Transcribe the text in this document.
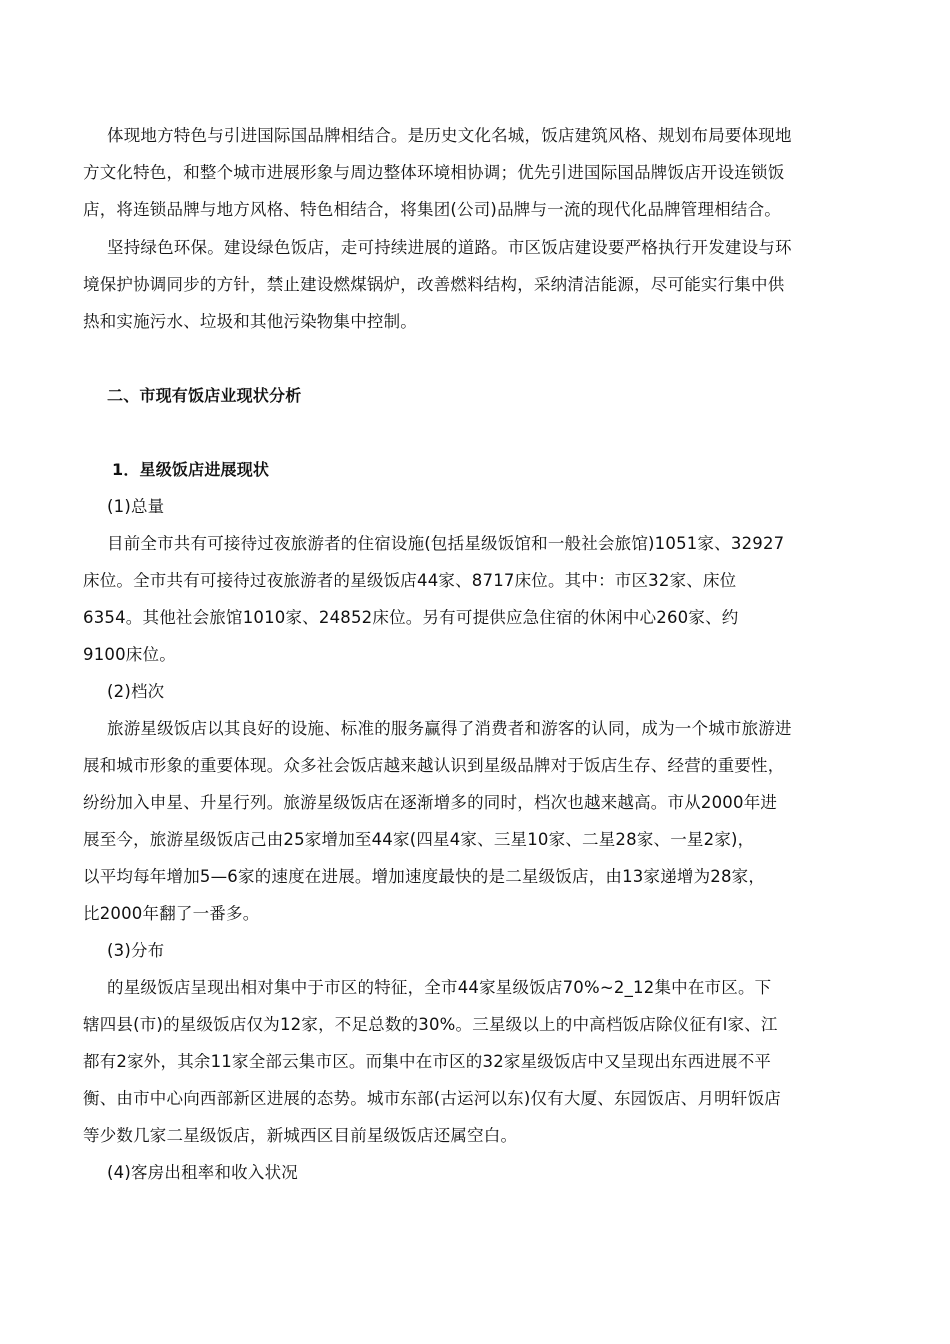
体现地方特色与引进国际国品牌相结合。是历史文化名城，饭店建筑风格、规划布局要体现地
方文化特色，和整个城市进展形象与周边整体环境相协调；优先引进国际国品牌饭店开设连锁饭
店，将连锁品牌与地方风格、特色相结合，将集团(公司)品牌与一流的现代化品牌管理相结合。
坚持绿色环保。建设绿色饭店，走可持续进展的道路。市区饭店建设要严格执行开发建设与环
境保护协调同步的方针，禁止建设燃煤锅炉，改善燃料结构，采纳清洁能源，尽可能实行集中供
热和实施污水、垃圾和其他污染物集中控制。
二、市现有饭店业现状分析
1．星级饭店进展现状
(1)总量
目前全市共有可接待过夜旅游者的住宿设施(包括星级饭馆和一般社会旅馆)1051家、32927
床位。全市共有可接待过夜旅游者的星级饭店44家、8717床位。其中：市区32家、床位
6354。其他社会旅馆1010家、24852床位。另有可提供应急住宿的休闲中心260家、约
9100床位。
(2)档次
旅游星级饭店以其良好的设施、标准的服务赢得了消费者和游客的认同，成为一个城市旅游进
展和城市形象的重要体现。众多社会饭店越来越认识到星级品牌对于饭店生存、经营的重要性，
纷纷加入申星、升星行列。旅游星级饭店在逐渐增多的同时，档次也越来越高。市从2000年进
展至今，旅游星级饭店己由25家增加至44家(四星4家、三星10家、二星28家、一星2家)，
以平均每年增加5—6家的速度在进展。增加速度最快的是二星级饭店，由13家递增为28家，
比2000年翻了一番多。
(3)分布
的星级饭店呈现出相对集中于市区的特征，全市44家星级饭店70%~2_12集中在市区。下
辖四县(市)的星级饭店仅为12家，不足总数的30%。三星级以上的中高档饭店除仪征有l家、江
都有2家外，其余11家全部云集市区。而集中在市区的32家星级饭店中又呈现出东西进展不平
衡、由市中心向西部新区进展的态势。城市东部(古运河以东)仅有大厦、东园饭店、月明轩饭店
等少数几家二星级饭店，新城西区目前星级饭店还属空白。
(4)客房出租率和收入状况
